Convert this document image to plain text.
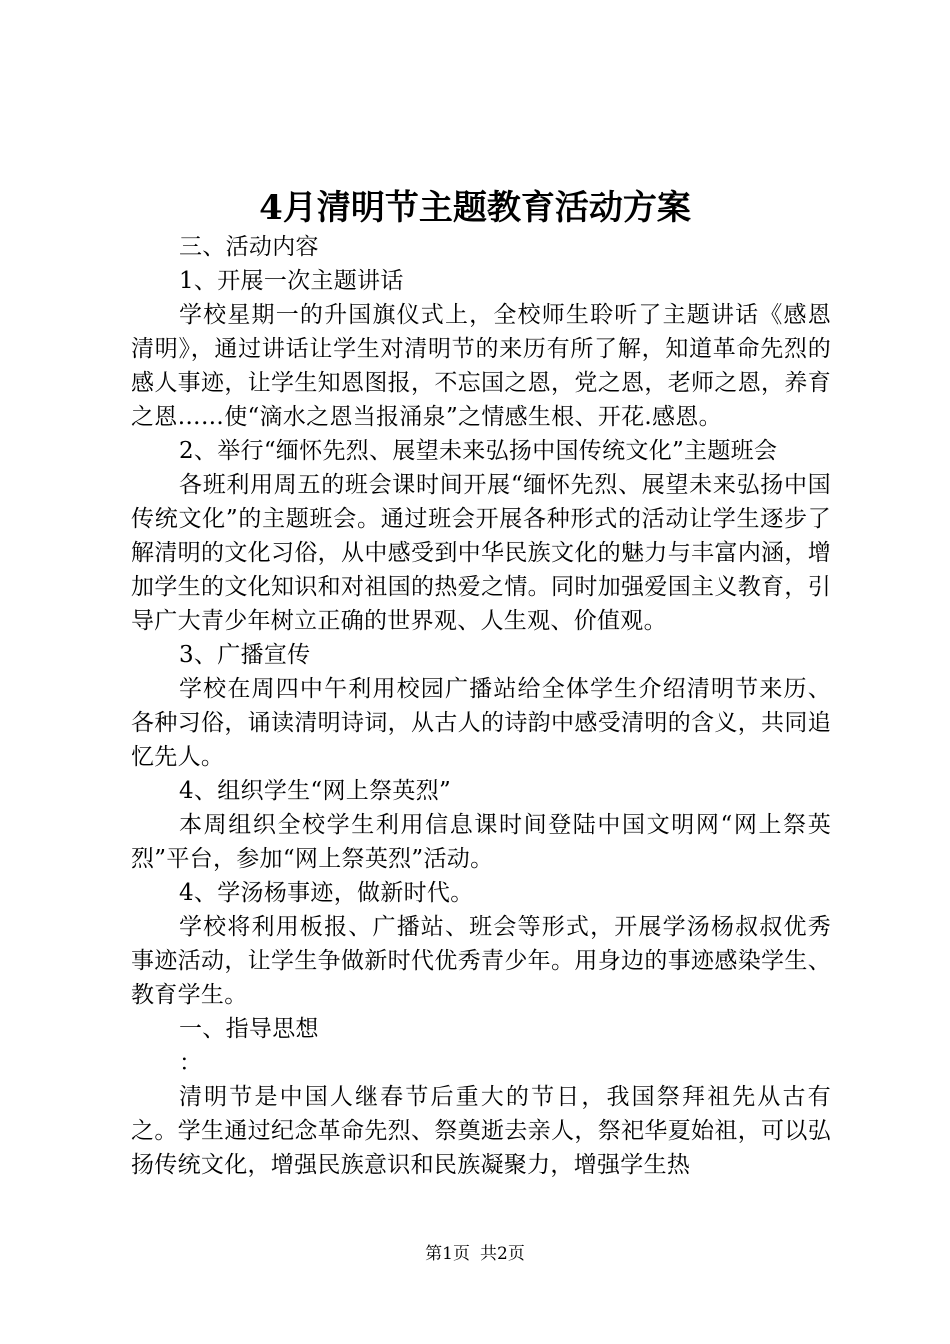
4月清明节主题教育活动方案

三、活动内容

1、开展一次主题讲话

学校星期一的升国旗仪式上，全校师生聆听了主题讲话《感恩清明》，通过讲话让学生对清明节的来历有所了解，知道革命先烈的感人事迹，让学生知恩图报，不忘国之恩，党之恩，老师之恩，养育之恩……使“滴水之恩当报涌泉”之情感生根、开花.感恩。

2、举行“缅怀先烈、展望未来弘扬中国传统文化”主题班会

各班利用周五的班会课时间开展“缅怀先烈、展望未来弘扬中国传统文化”的主题班会。通过班会开展各种形式的活动让学生逐步了解清明的文化习俗，从中感受到中华民族文化的魅力与丰富内涵，增加学生的文化知识和对祖国的热爱之情。同时加强爱国主义教育，引导广大青少年树立正确的世界观、人生观、价值观。

3、广播宣传

学校在周四中午利用校园广播站给全体学生介绍清明节来历、各种习俗，诵读清明诗词，从古人的诗韵中感受清明的含义，共同追忆先人。

4、组织学生“网上祭英烈”

本周组织全校学生利用信息课时间登陆中国文明网“网上祭英烈”平台，参加“网上祭英烈”活动。

4、学汤杨事迹，做新时代。

学校将利用板报、广播站、班会等形式，开展学汤杨叔叔优秀事迹活动，让学生争做新时代优秀青少年。用身边的事迹感染学生、教育学生。

一、指导思想

：

清明节是中国人继春节后重大的节日，我国祭拜祖先从古有之。学生通过纪念革命先烈、祭奠逝去亲人，祭祀华夏始祖，可以弘扬传统文化，增强民族意识和民族凝聚力，增强学生热

第1页 共2页
